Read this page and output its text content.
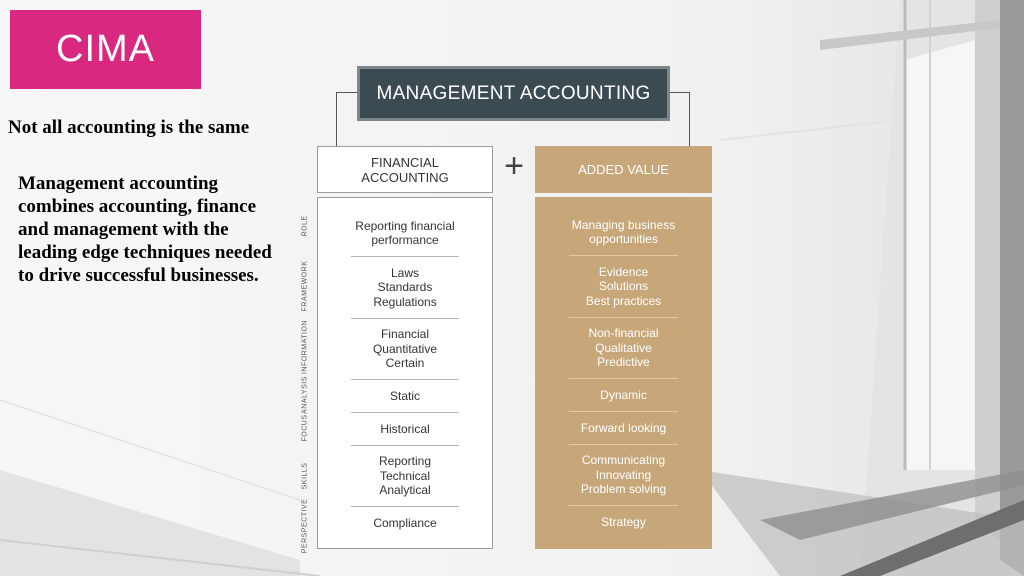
CIMA
Not all accounting is the same
Management accounting combines accounting, finance and management with the leading edge techniques needed to drive successful businesses.
MANAGEMENT ACCOUNTING
FINANCIAL
ACCOUNTING +	ADDED VALUE
Reporting financial
performance
Laws
Standards
Regulations
Financial
Quantitative
Certain
Static
Historical
Reporting
Technical
Analytical
Compliance
Managing business
opportunities
Evidence
Solutions
Best practices
Non-financial
Qualitative
Predictive
Dynamic
Forward looking
Communicating
Innovating
Problem solving
Strategy
ROLE
FRAMEWORK
INFORMATION
ANALYSIS
FOCUS
SKILLS
PERSPECTIVE
